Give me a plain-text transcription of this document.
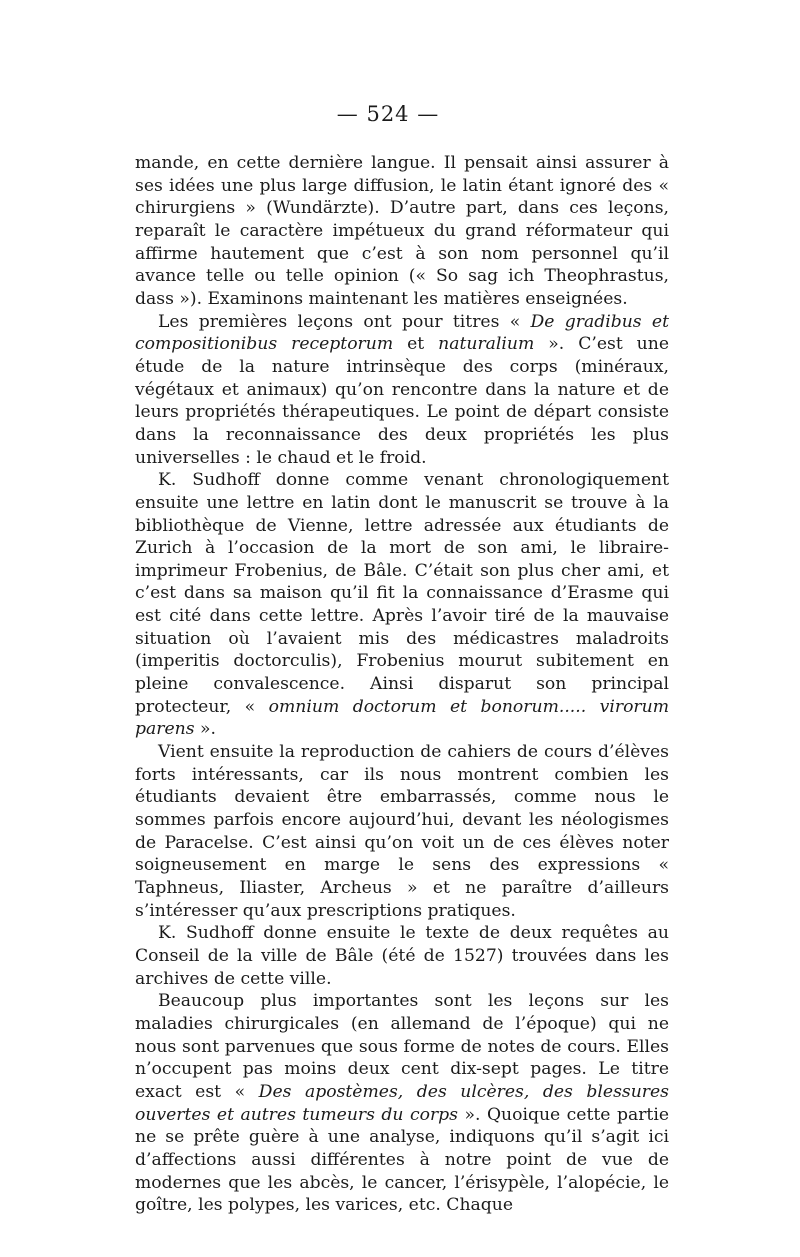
— 524 —

mande, en cette dernière langue. Il pensait ainsi assurer à ses idées une plus large diffusion, le latin étant ignoré des « chirurgiens » (Wundärzte). D’autre part, dans ces leçons, reparaît le caractère impétueux du grand réformateur qui affirme hautement que c’est à son nom personnel qu’il avance telle ou telle opinion (« So sag ich Theophrastus, dass »). Examinons maintenant les matières enseignées.

Les premières leçons ont pour titres « De gradibus et compositionibus receptorum et naturalium ». C’est une étude de la nature intrinsèque des corps (minéraux, végétaux et animaux) qu’on rencontre dans la nature et de leurs propriétés thérapeutiques. Le point de départ consiste dans la reconnaissance des deux propriétés les plus universelles : le chaud et le froid.

K. Sudhoff donne comme venant chronologiquement ensuite une lettre en latin dont le manuscrit se trouve à la bibliothèque de Vienne, lettre adressée aux étudiants de Zurich à l’occasion de la mort de son ami, le libraire-imprimeur Frobenius, de Bâle. C’était son plus cher ami, et c’est dans sa maison qu’il fit la connaissance d’Erasme qui est cité dans cette lettre. Après l’avoir tiré de la mauvaise situation où l’avaient mis des médicastres maladroits (imperitis doctorculis), Frobenius mourut subitement en pleine convalescence. Ainsi disparut son principal protecteur, « omnium doctorum et bonorum..... virorum parens ».

Vient ensuite la reproduction de cahiers de cours d’élèves forts intéressants, car ils nous montrent combien les étudiants devaient être embarrassés, comme nous le sommes parfois encore aujourd’hui, devant les néologismes de Paracelse. C’est ainsi qu’on voit un de ces élèves noter soigneusement en marge le sens des expressions « Taphneus, Iliaster, Archeus » et ne paraître d’ailleurs s’intéresser qu’aux prescriptions pratiques.

K. Sudhoff donne ensuite le texte de deux requêtes au Conseil de la ville de Bâle (été de 1527) trouvées dans les archives de cette ville.

Beaucoup plus importantes sont les leçons sur les maladies chirurgicales (en allemand de l’époque) qui ne nous sont parvenues que sous forme de notes de cours. Elles n’occupent pas moins deux cent dix-sept pages. Le titre exact est « Des apostèmes, des ulcères, des blessures ouvertes et autres tumeurs du corps ». Quoique cette partie ne se prête guère à une analyse, indiquons qu’il s’agit ici d’affections aussi différentes à notre point de vue de modernes que les abcès, le cancer, l’érisypèle, l’alopécie, le goître, les polypes, les varices, etc. Chaque
